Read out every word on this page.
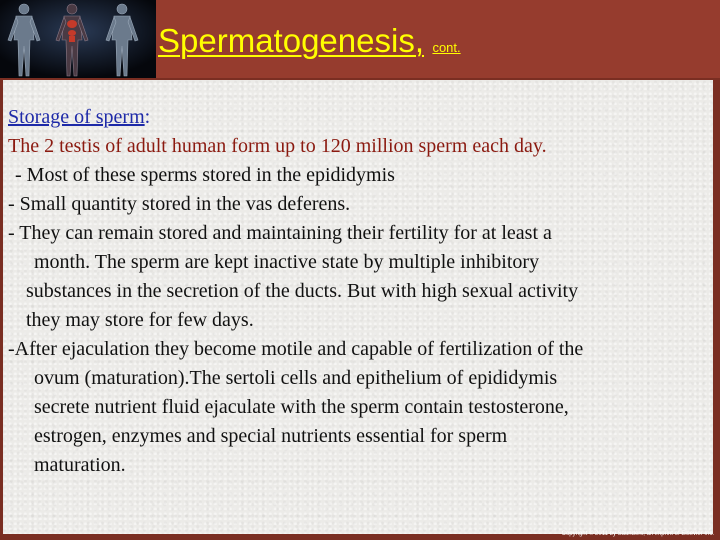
Spermatogenesis, cont.
Storage of sperm:
The 2 testis of adult human form up to 120 million sperm each day.
- Most of these sperms stored in the epididymis
- Small quantity stored in the vas deferens.
- They can remain stored and maintaining their fertility for at least a
month. The sperm are kept inactive state by multiple inhibitory
substances in the secretion of the ducts. But with high sexual activity
they may store for few days.
-After ejaculation they become motile and capable of fertilization of the
ovum (maturation).The sertoli cells and epithelium of epididymis
secrete nutrient fluid ejaculate with the sperm contain testosterone,
estrogen, enzymes and special nutrients essential for sperm
maturation.
Copyright © 2011 by Saunders, an imprint of Elsevier Inc.
